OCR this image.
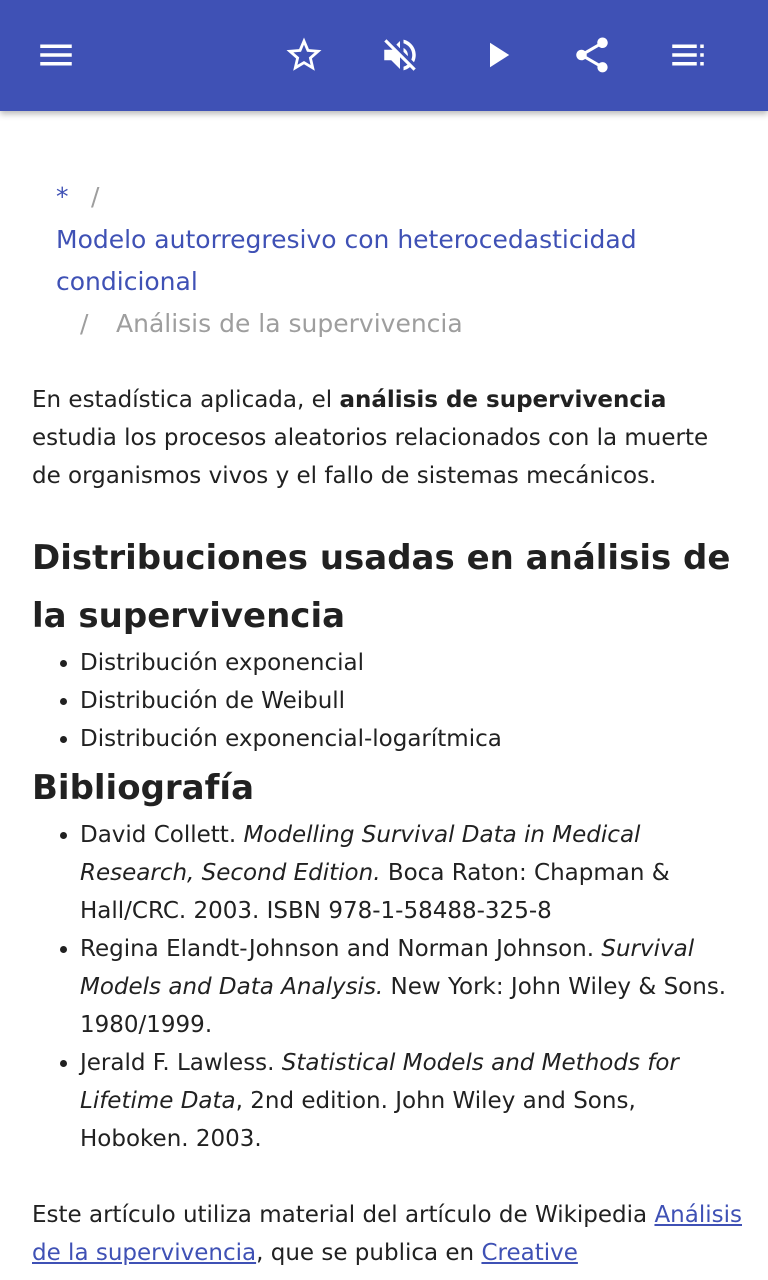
* /
Modelo autorregresivo con heterocedasticidad
condicional
/ Análisis de la supervivencia

En estadística aplicada, el análisis de supervivencia estudia los procesos aleatorios relacionados con la muerte de organismos vivos y el fallo de sistemas mecánicos.

Distribuciones usadas en análisis de la supervivencia
• Distribución exponencial
• Distribución de Weibull
• Distribución exponencial-logarítmica
Bibliografía
• David Collett. Modelling Survival Data in Medical Research, Second Edition. Boca Raton: Chapman & Hall/CRC. 2003. ISBN 978-1-58488-325-8
• Regina Elandt-Johnson and Norman Johnson. Survival Models and Data Analysis. New York: John Wiley & Sons. 1980/1999.
• Jerald F. Lawless. Statistical Models and Methods for Lifetime Data, 2nd edition. John Wiley and Sons, Hoboken. 2003.

Este artículo utiliza material del artículo de Wikipedia Análisis de la supervivencia, que se publica en Creative
